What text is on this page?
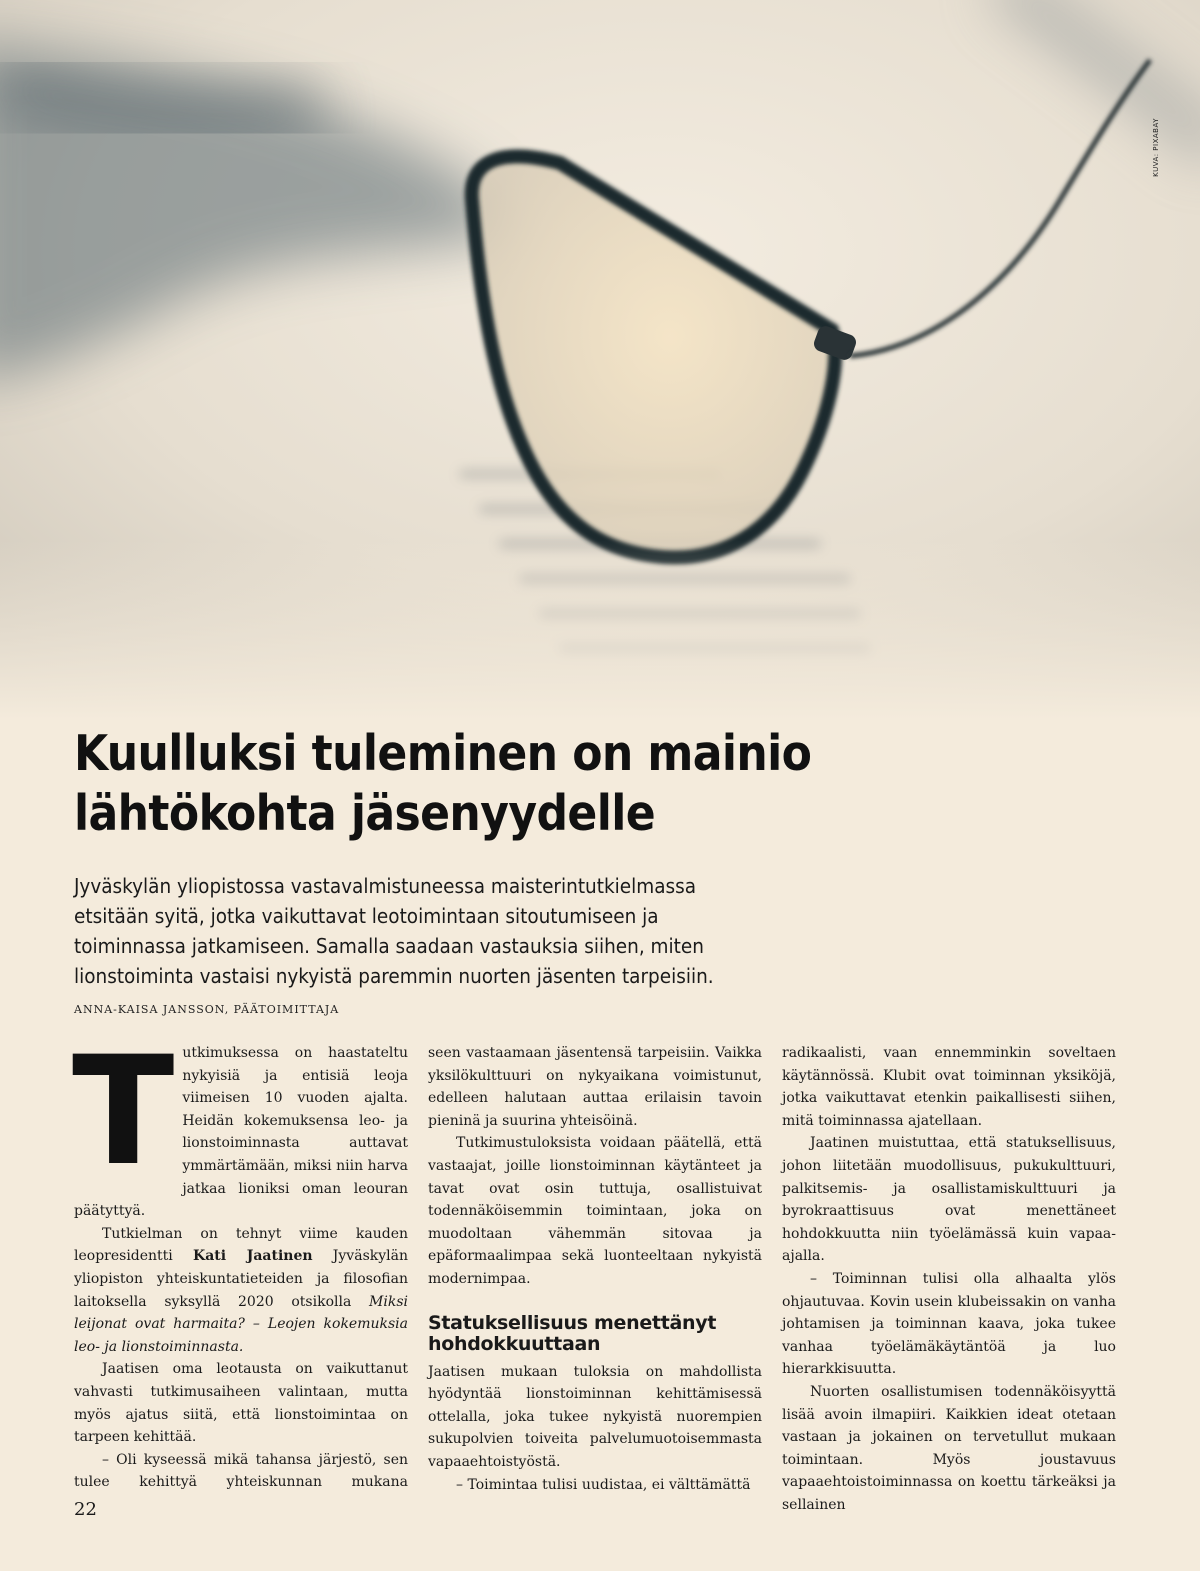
KUVA: PIXABAY
Kuulluksi tuleminen on mainio
lähtökohta jäsenyydelle

Jyväskylän yliopistossa vastavalmistuneessa maisterintutkielmassa etsitään syitä, jotka vaikuttavat leotoimintaan sitoutumiseen ja toiminnassa jatkamiseen. Samalla saadaan vastauksia siihen, miten lionstoiminta vastaisi nykyistä paremmin nuorten jäsenten tarpeisiin.

ANNA-KAISA JANSSON, PÄÄTOIMITTAJA
T utkimuksessa on haastateltu nykyisiä ja entisiä leoja viimeisen 10 vuoden ajalta. Heidän kokemuksensa leo- ja lionstoiminnasta auttavat ymmärtämään, miksi niin harva jatkaa lioniksi oman leouran päätyttyä.

Tutkielman on tehnyt viime kauden leopresidentti Kati Jaatinen Jyväskylän yliopiston yhteiskuntatieteiden ja filosofian laitoksella syksyllä 2020 otsikolla Miksi leijonat ovat harmaita? – Leojen kokemuksia leo- ja lionstoiminnasta.

Jaatisen oma leotausta on vaikuttanut vahvasti tutkimusaiheen valintaan, mutta myös ajatus siitä, että lionstoimintaa on tarpeen kehittää.

– Oli kyseessä mikä tahansa järjestö, sen tulee kehittyä yhteiskunnan mukana

seen vastaamaan jäsentensä tarpeisiin. Vaikka yksilökulttuuri on nykyaikana voimistunut, edelleen halutaan auttaa erilaisin tavoin pieninä ja suurina yhteisöinä.

Tutkimustuloksista voidaan päätellä, että vastaajat, joille lionstoiminnan käytänteet ja tavat ovat osin tuttuja, osallistuivat todennäköisemmin toimintaan, joka on muodoltaan vähemmän sitovaa ja epäformaalimpaa sekä luonteeltaan nykyistä modernimpaa.

Statuksellisuus menettänyt hohdokkuuttaan

Jaatisen mukaan tuloksia on mahdollista hyödyntää lionstoiminnan kehittämisessä ottelalla, joka tukee nykyistä nuorempien sukupolvien toiveita palvelumuotoisemmasta vapaaehtoistyöstä.

– Toimintaa tulisi uudistaa, ei välttämättä

radikaalisti, vaan ennemminkin soveltaen käytännössä. Klubit ovat toiminnan yksiköjä, jotka vaikuttavat etenkin paikallisesti siihen, mitä toiminnassa ajatellaan.

Jaatinen muistuttaa, että statuksellisuus, johon liitetään muodollisuus, pukukulttuuri, palkitsemis- ja osallistamiskulttuuri ja byrokraattisuus ovat menettäneet hohdokkuutta niin työelämässä kuin vapaa-ajalla.

– Toiminnan tulisi olla alhaalta ylös ohjautuvaa. Kovin usein klubeissakin on vanha johtamisen ja toiminnan kaava, joka tukee vanhaa työelämäkäytäntöä ja luo hierarkkisuutta.

Nuorten osallistumisen todennäköisyyttä lisää avoin ilmapiiri. Kaikkien ideat otetaan vastaan ja jokainen on tervetullut mukaan toimintaan. Myös joustavuus vapaaehtoistoiminnassa on koettu tärkeäksi ja sellainen

22
